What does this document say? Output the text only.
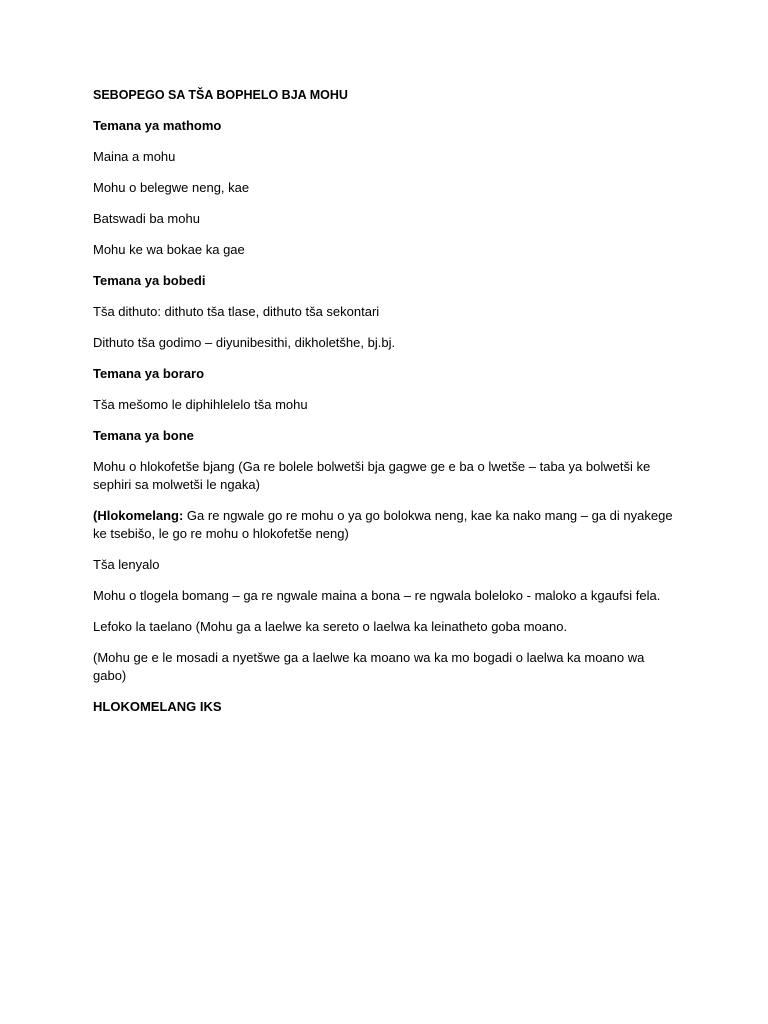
SEBOPEGO SA TŠA BOPHELO BJA MOHU

Temana ya mathomo

Maina a mohu

Mohu o belegwe neng, kae

Batswadi ba mohu

Mohu ke wa bokae ka gae

Temana ya bobedi

Tša dithuto: dithuto tša tlase, dithuto tša sekontari

Dithuto tša godimo – diyunibesithi, dikholetšhe, bj.bj.

Temana ya boraro

Tša mešomo le diphihlelelo tša mohu

Temana ya bone

Mohu o hlokofetše bjang (Ga re bolele bolwetši bja gagwe ge e ba o lwetše – taba ya bolwetši ke sephiri sa molwetši le ngaka)

(Hlokomelang: Ga re ngwale go re mohu o ya go bolokwa neng, kae ka nako mang – ga di nyakege ke tsebišo, le go re mohu o hlokofetše neng)

Tša lenyalo

Mohu o tlogela bomang – ga re ngwale maina a bona – re ngwala boleloko - maloko a kgaufsi fela.

Lefoko la taelano (Mohu ga a laelwe ka sereto o laelwa ka leinatheto goba moano.

(Mohu ge e le mosadi a nyetšwe ga a laelwe ka moano wa ka mo bogadi o laelwa ka moano wa gabo)

HLOKOMELANG IKS
